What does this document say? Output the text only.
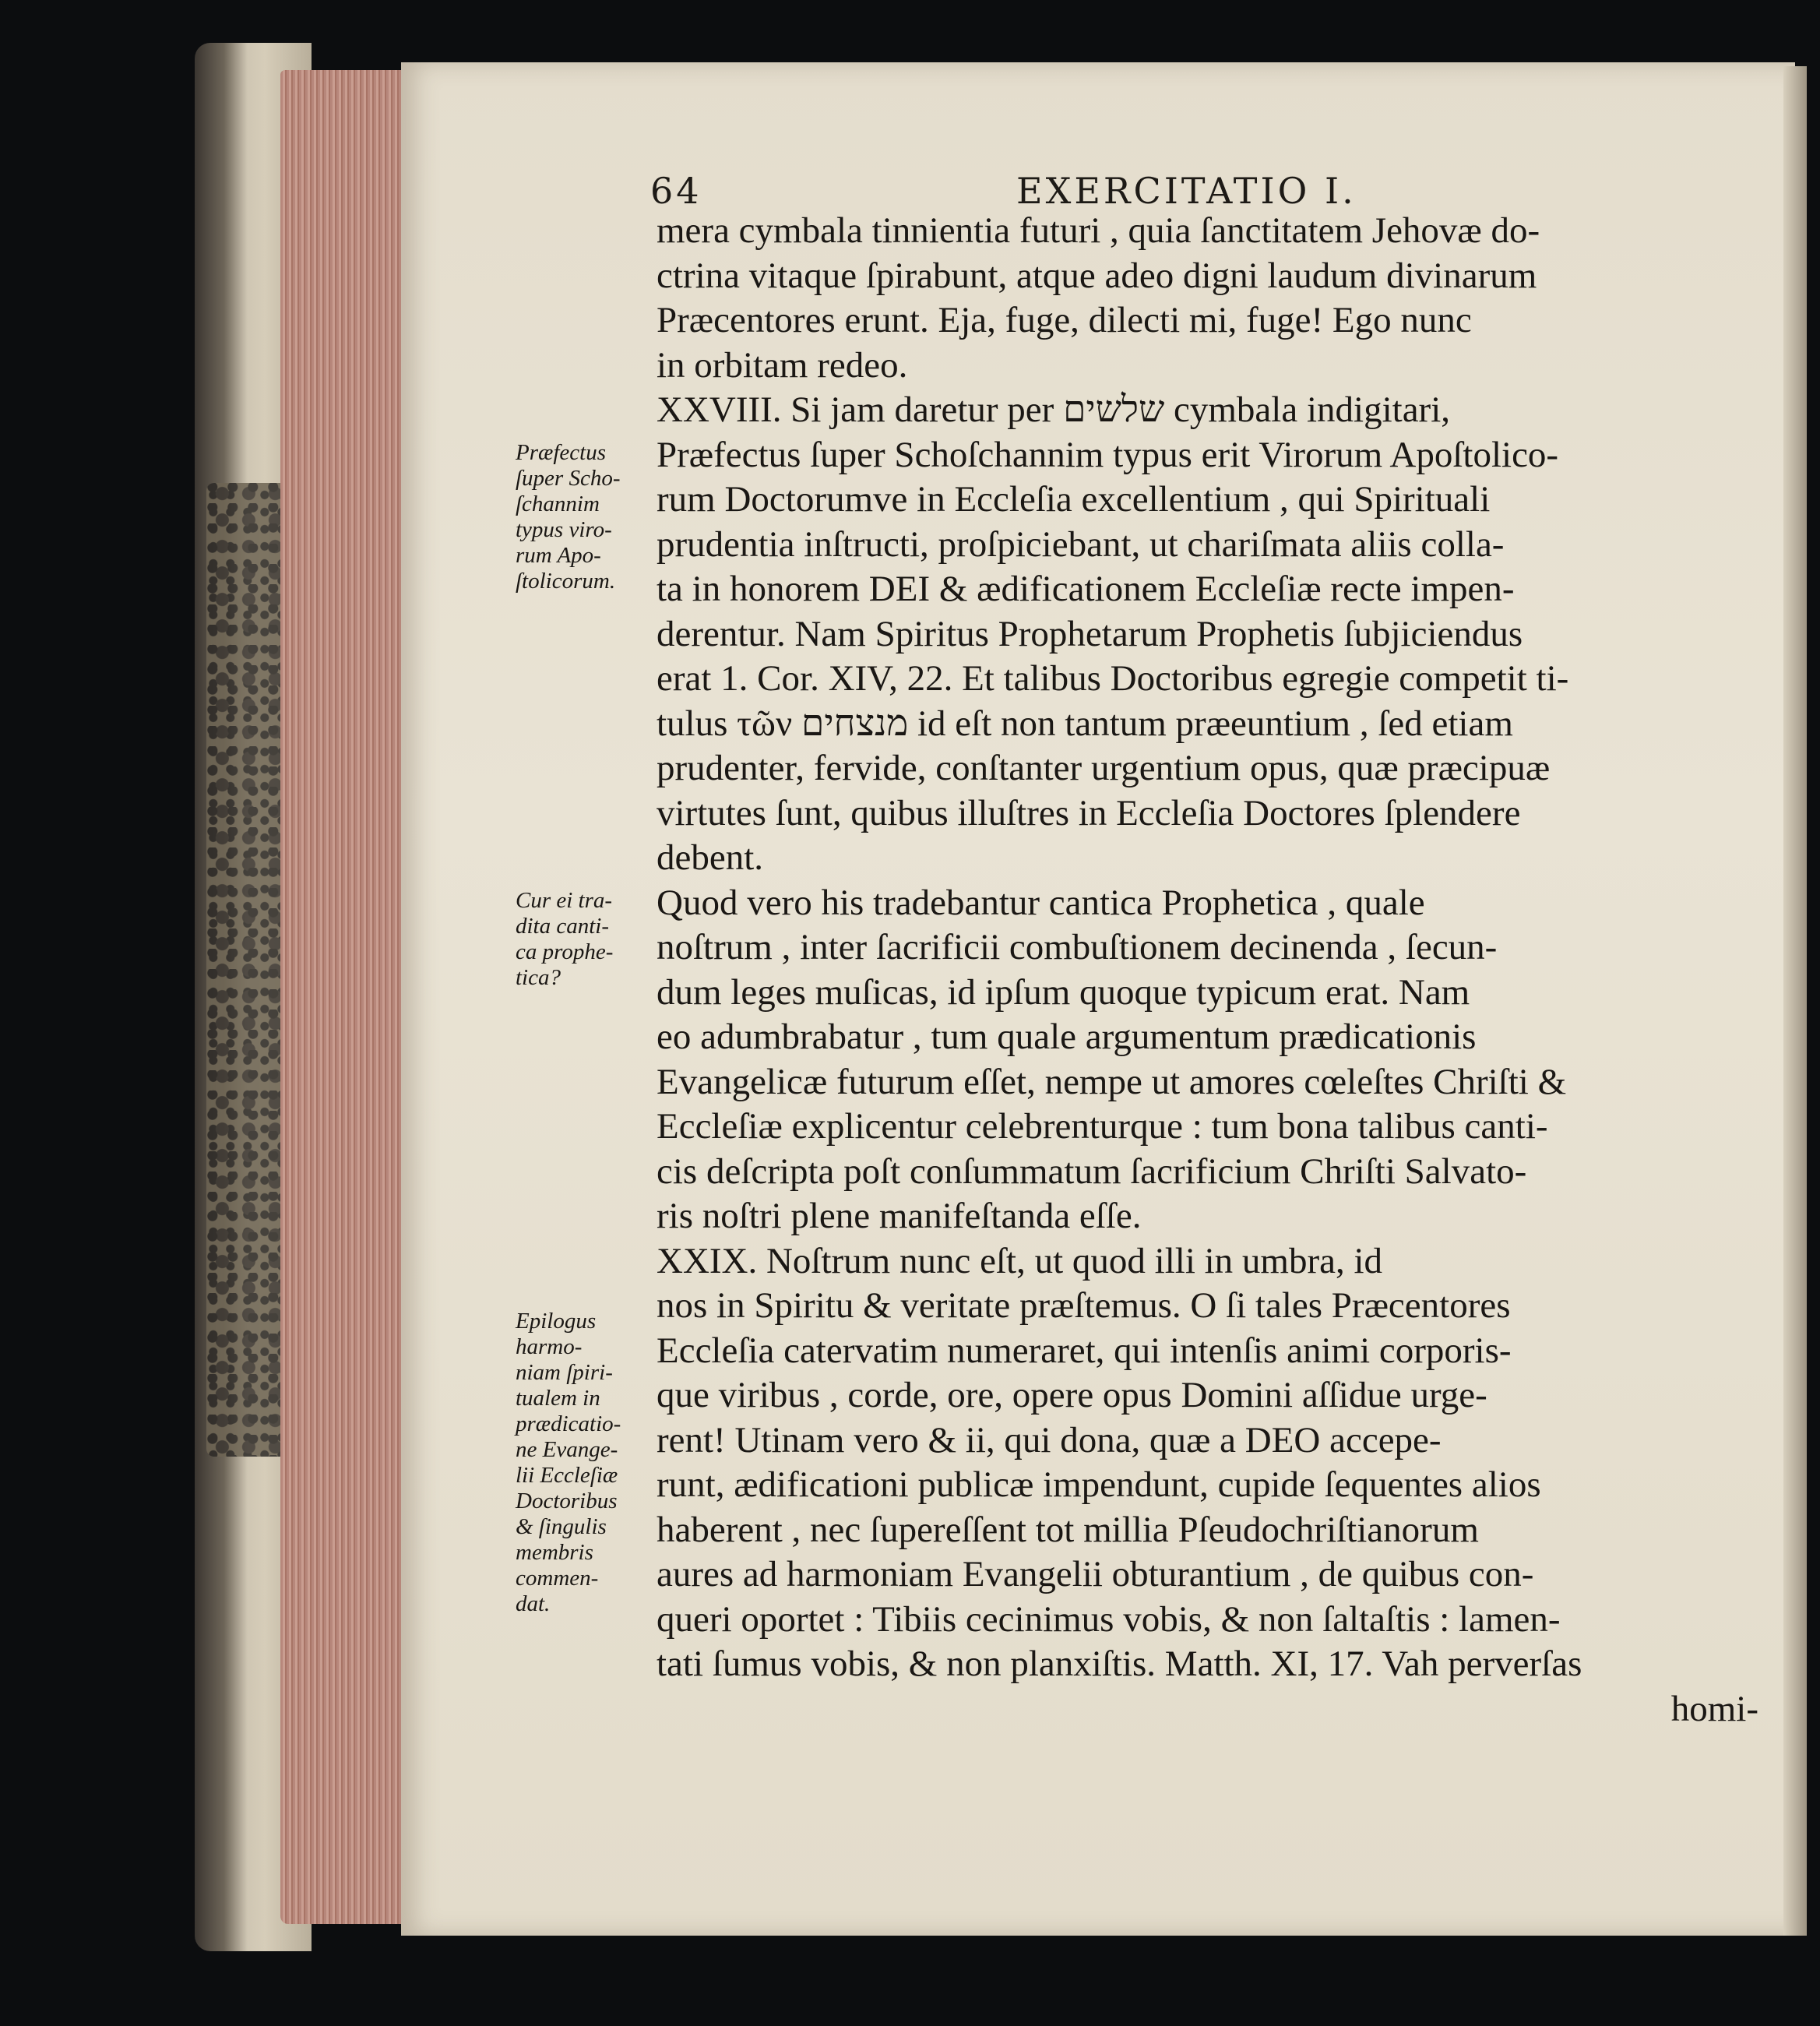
64	EXERCITATIO I.
mera cymbala tinnientia futuri , quia ſanctitatem Jehovæ do-
ctrina vitaque ſpirabunt, atque adeo digni laudum divinarum
Præcentores erunt. Eja, fuge, dilecti mi, fuge! Ego nunc
in orbitam redeo.
XXVIII. Si jam daretur per שלשים cymbala indigitari,
Præfectus ſuper Schoſchannim typus erit Virorum Apoſtolico-
rum Doctorumve in Eccleſia excellentium , qui Spirituali
prudentia inſtructi, proſpiciebant, ut chariſmata aliis colla-
ta in honorem DEI & ædificationem Eccleſiæ recte impen-
derentur. Nam Spiritus Prophetarum Prophetis ſubjiciendus
erat 1. Cor. XIV, 22. Et talibus Doctoribus egregie competit ti-
tulus τῶν מנצחים id eſt non tantum præeuntium , ſed etiam
prudenter, fervide, conſtanter urgentium opus, quæ præcipuæ
virtutes ſunt, quibus illuſtres in Eccleſia Doctores ſplendere
debent.
Quod vero his tradebantur cantica Prophetica , quale
noſtrum , inter ſacrificii combuſtionem decinenda , ſecun-
dum leges muſicas, id ipſum quoque typicum erat. Nam
eo adumbrabatur , tum quale argumentum prædicationis
Evangelicæ futurum eſſet, nempe ut amores cœleſtes Chriſti &
Eccleſiæ explicentur celebrenturque : tum bona talibus canti-
cis deſcripta poſt conſummatum ſacrificium Chriſti Salvato-
ris noſtri plene manifeſtanda eſſe.
XXIX. Noſtrum nunc eſt, ut quod illi in umbra, id
nos in Spiritu & veritate præſtemus. O ſi tales Præcentores
Eccleſia catervatim numeraret, qui intenſis animi corporis-
que viribus , corde, ore, opere opus Domini aſſidue urge-
rent! Utinam vero & ii, qui dona, quæ a DEO accepe-
runt, ædificationi publicæ impendunt, cupide ſequentes alios
haberent , nec ſupereſſent tot millia Pſeudochriſtianorum
aures ad harmoniam Evangelii obturantium , de quibus con-
queri oportet : Tibiis cecinimus vobis, & non ſaltaſtis : lamen-
tati ſumus vobis, & non planxiſtis. Matth. XI, 17. Vah perverſas
homi-
Præfectus
ſuper Scho-
ſchannim
typus viro-
rum Apo-
ſtolicorum.
Cur ei tra-
dita canti-
ca prophe-
tica?
Epilogus
harmo-
niam ſpiri-
tualem in
prædicatio-
ne Evange-
lii Eccleſiæ
Doctoribus
& ſingulis
membris
commen-
dat.
